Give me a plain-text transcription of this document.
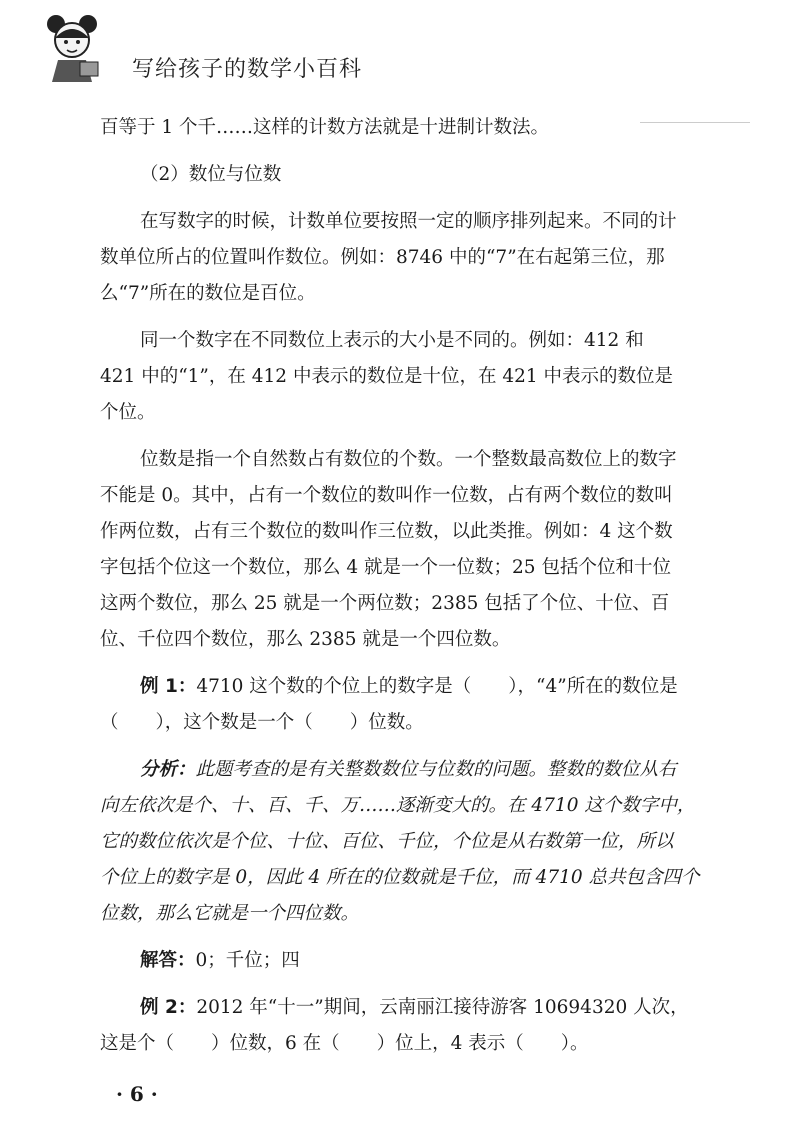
写给孩子的数学小百科
百等于 1 个千……这样的计数方法就是十进制计数法。
（2）数位与位数
在写数字的时候，计数单位要按照一定的顺序排列起来。不同的计
数单位所占的位置叫作数位。例如：8746 中的“7”在右起第三位，那
么“7”所在的数位是百位。
同一个数字在不同数位上表示的大小是不同的。例如：412 和
421 中的“1”，在 412 中表示的数位是十位，在 421 中表示的数位是
个位。
位数是指一个自然数占有数位的个数。一个整数最高数位上的数字
不能是 0。其中，占有一个数位的数叫作一位数，占有两个数位的数叫
作两位数，占有三个数位的数叫作三位数，以此类推。例如：4 这个数
字包括个位这一个数位，那么 4 就是一个一位数；25 包括个位和十位
这两个数位，那么 25 就是一个两位数；2385 包括了个位、十位、百
位、千位四个数位，那么 2385 就是一个四位数。
例 1：4710 这个数的个位上的数字是（　　），“4”所在的数位是
（　　），这个数是一个（　　）位数。
分析：此题考查的是有关整数数位与位数的问题。整数的数位从右
向左依次是个、十、百、千、万……逐渐变大的。在 4710 这个数字中，
它的数位依次是个位、十位、百位、千位，个位是从右数第一位，所以
个位上的数字是 0，因此 4 所在的位数就是千位，而 4710 总共包含四个
位数，那么它就是一个四位数。
解答：0；千位；四
例 2：2012 年“十一”期间，云南丽江接待游客 10694320 人次，
这是个（　　）位数，6 在（　　）位上，4 表示（　　）。
· 6 ·
